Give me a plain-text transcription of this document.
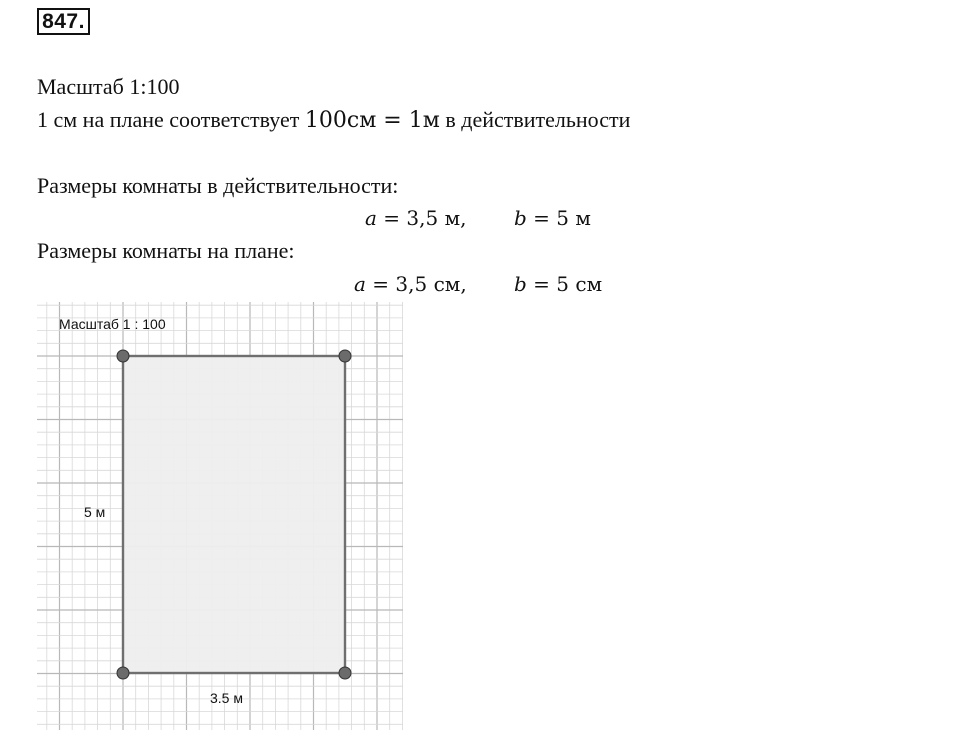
847.
Масштаб 1:100
1 см на плане соответствует 100см = 1м в действительности
Размеры комнаты в действительности:
a = 3,5 м, b = 5 м
Размеры комнаты на плане:
a = 3,5 см, b = 5 см
Масштаб 1 : 100
5 м
3.5 м
